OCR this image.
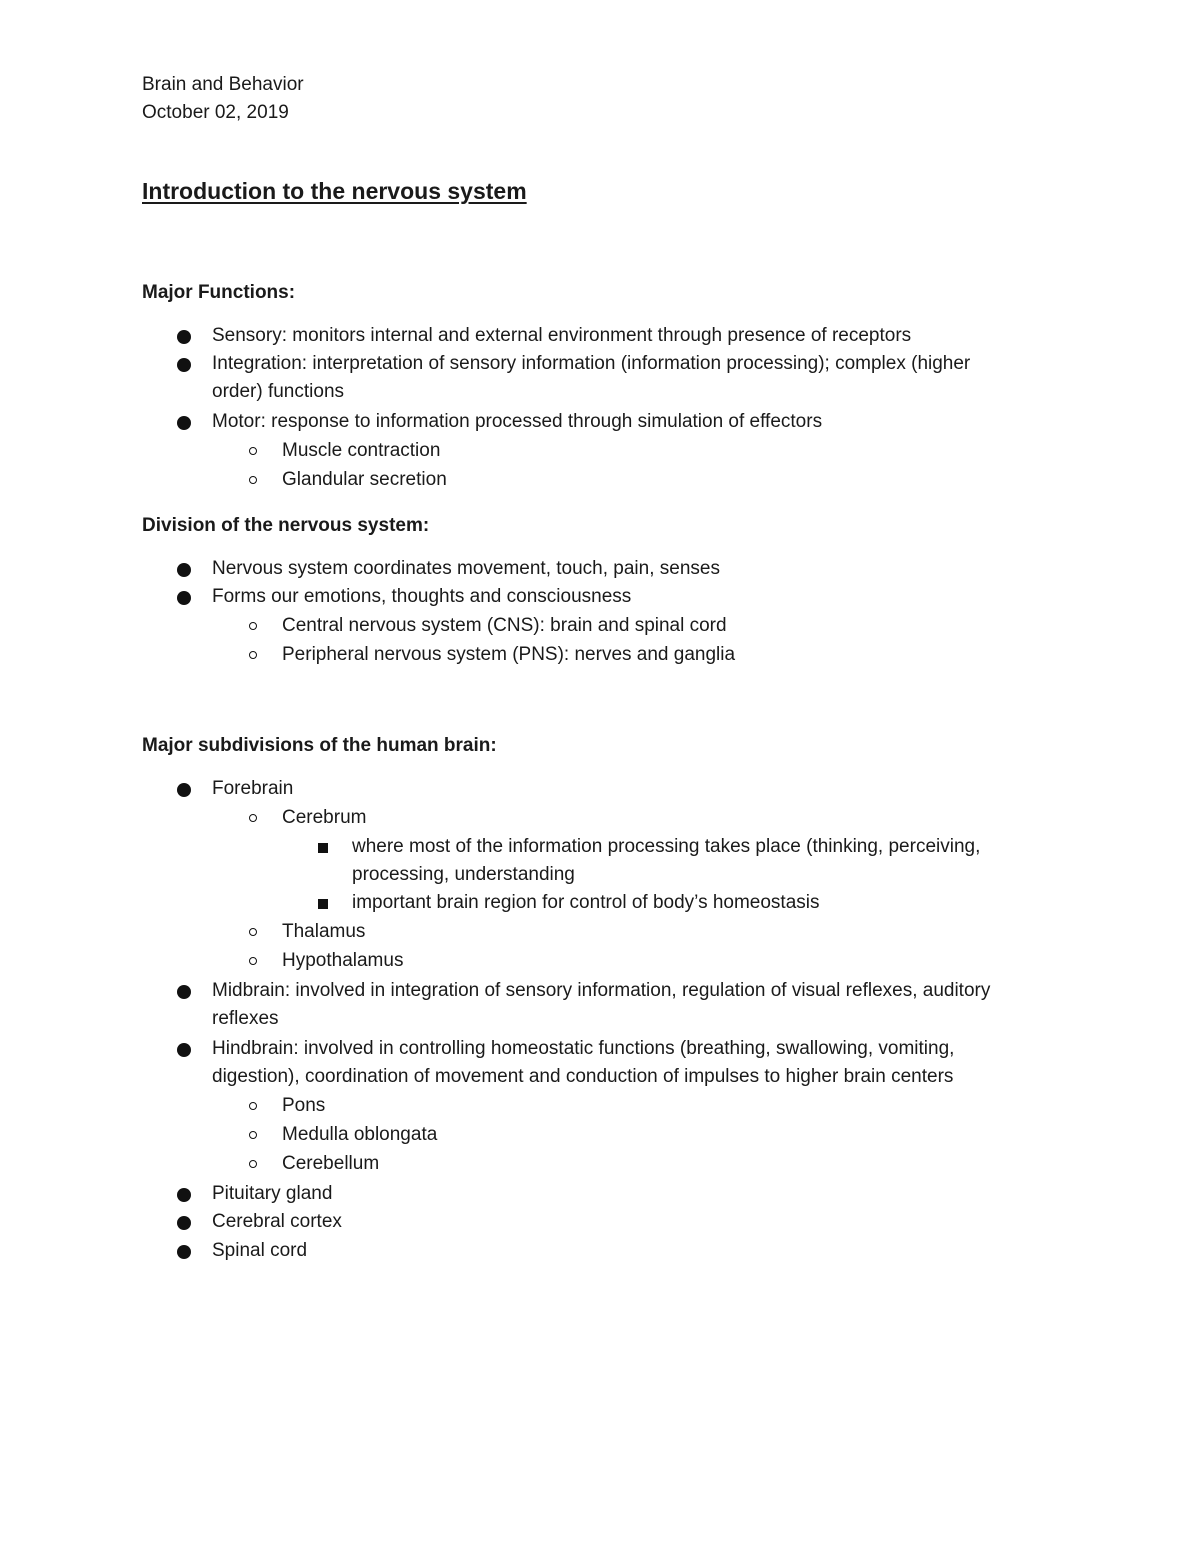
Brain and Behavior
October 02, 2019
Introduction to the nervous system
Major Functions:
Sensory: monitors internal and external environment through presence of receptors
Integration: interpretation of sensory information (information processing); complex (higher
order) functions
Motor: response to information processed through simulation of effectors
Muscle contraction
Glandular secretion
Division of the nervous system:
Nervous system coordinates movement, touch, pain, senses
Forms our emotions, thoughts and consciousness
Central nervous system (CNS): brain and spinal cord
Peripheral nervous system (PNS): nerves and ganglia
Major subdivisions of the human brain:
Forebrain
Cerebrum
where most of the information processing takes place (thinking, perceiving,
processing, understanding
important brain region for control of body’s homeostasis
Thalamus
Hypothalamus
Midbrain: involved in integration of sensory information, regulation of visual reflexes, auditory
reflexes
Hindbrain: involved in controlling homeostatic functions (breathing, swallowing, vomiting,
digestion), coordination of movement and conduction of impulses to higher brain centers
Pons
Medulla oblongata
Cerebellum
Pituitary gland
Cerebral cortex
Spinal cord
